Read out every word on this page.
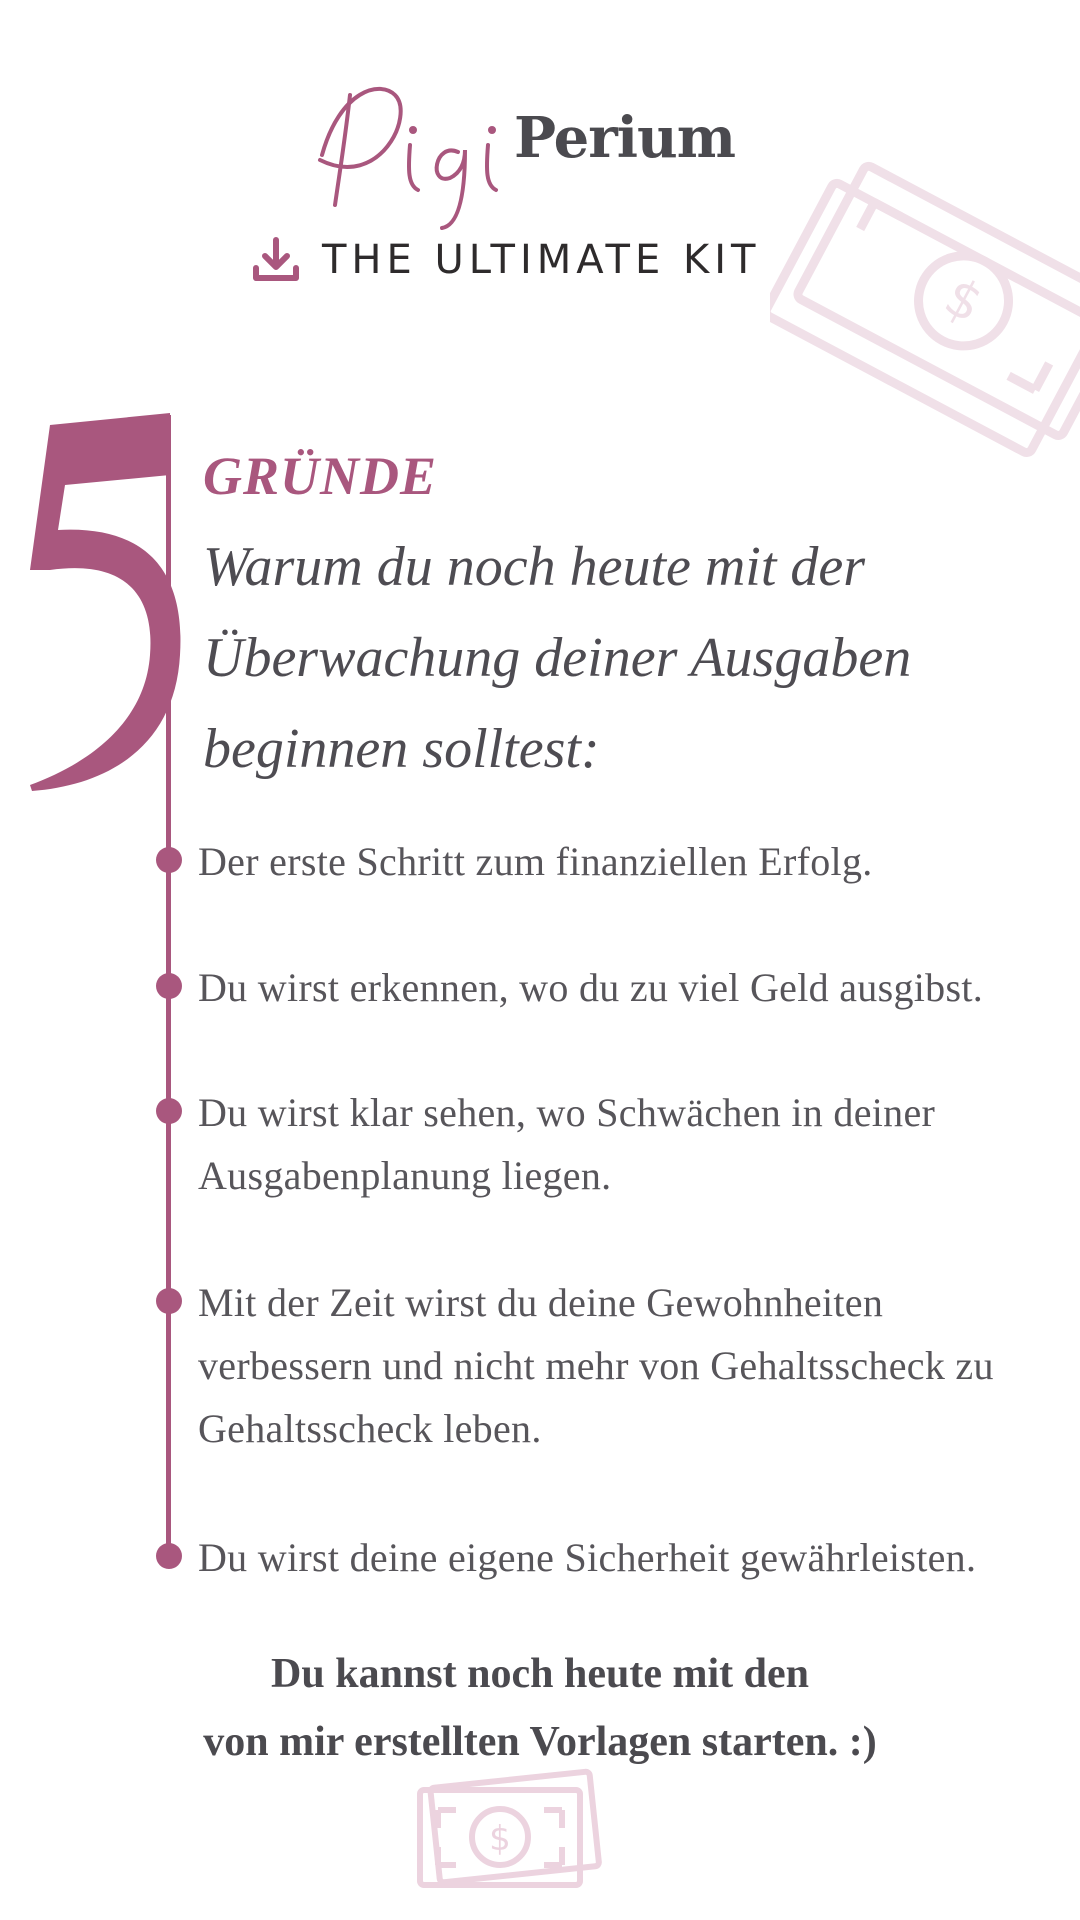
$
Perium
THE ULTIMATE KIT
GRÜNDE
Warum du noch heute mit der
Überwachung deiner Ausgaben
beginnen solltest:
Der erste Schritt zum finanziellen Erfolg.
Du wirst erkennen, wo du zu viel Geld ausgibst.
Du wirst klar sehen, wo Schwächen in deiner Ausgabenplanung liegen.
Mit der Zeit wirst du deine Gewohnheiten verbessern und nicht mehr von Gehaltsscheck zu Gehaltsscheck leben.
Du wirst deine eigene Sicherheit gewährleisten.
Du kannst noch heute mit den
von mir erstellten Vorlagen starten. :)
$
